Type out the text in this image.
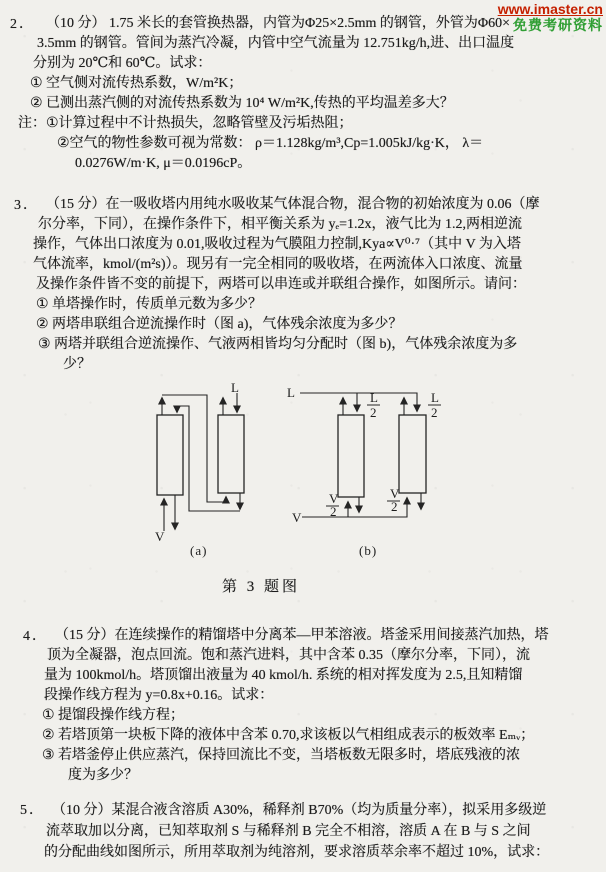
www.imaster.cn
免费考研资料
2． （10 分） 1.75 米长的套管换热器，内管为Φ25×2.5mm 的钢管，外管为Φ60×
3.5mm 的钢管。管间为蒸汽冷凝，内管中空气流量为 12.751kg/h,进、出口温度
分别为 20℃和 60℃。试求：
① 空气侧对流传热系数，W/m²K；
② 已测出蒸汽侧的对流传热系数为 10⁴ W/m²K,传热的平均温差多大？
注：①计算过程中不计热损失，忽略管壁及污垢热阻；
②空气的物性参数可视为常数： ρ＝1.128kg/m³,Cp=1.005kJ/kg·K， λ＝
0.0276W/m·K, μ＝0.0196cP。
3． （15 分）在一吸收塔内用纯水吸收某气体混合物，混合物的初始浓度为 0.06（摩
尔分率，下同），在操作条件下，相平衡关系为 yₑ=1.2x，液气比为 1.2,两相逆流
操作，气体出口浓度为 0.01,吸收过程为气膜阻力控制,Kya∝V⁰·⁷（其中 V 为入塔
气体流率，kmol/(m²s)）。现另有一完全相同的吸收塔，在两流体入口浓度、流量
及操作条件皆不变的前提下，两塔可以串连或并联组合操作，如图所示。请问：
① 单塔操作时，传质单元数为多少？
② 两塔串联组合逆流操作时（图 a)，气体残余浓度为多少？
③ 两塔并联组合逆流操作、气液两相皆均匀分配时（图 b)，气体残余浓度为多
少？
L
V
(a)
L	L
2
L
2
V
V
2
V
2
(b)
第 3 题图
4． （15 分）在连续操作的精馏塔中分离苯—甲苯溶液。塔釜采用间接蒸汽加热，塔
顶为全凝器，泡点回流。饱和蒸汽进料，其中含苯 0.35（摩尔分率，下同），流
量为 100kmol/h。塔顶馏出液量为 40 kmol/h. 系统的相对挥发度为 2.5,且知精馏
段操作线方程为 y=0.8x+0.16。试求：
① 提馏段操作线方程；
② 若塔顶第一块板下降的液体中含苯 0.70,求该板以气相组成表示的板效率 Eₘᵥ；
③ 若塔釜停止供应蒸汽，保持回流比不变，当塔板数无限多时，塔底残液的浓
度为多少？
5． （10 分）某混合液含溶质 A30%，稀释剂 B70%（均为质量分率），拟采用多级逆
流萃取加以分离，已知萃取剂 S 与稀释剂 B 完全不相溶，溶质 A 在 B 与 S 之间
的分配曲线如图所示，所用萃取剂为纯溶剂，要求溶质萃余率不超过 10%，试求：
